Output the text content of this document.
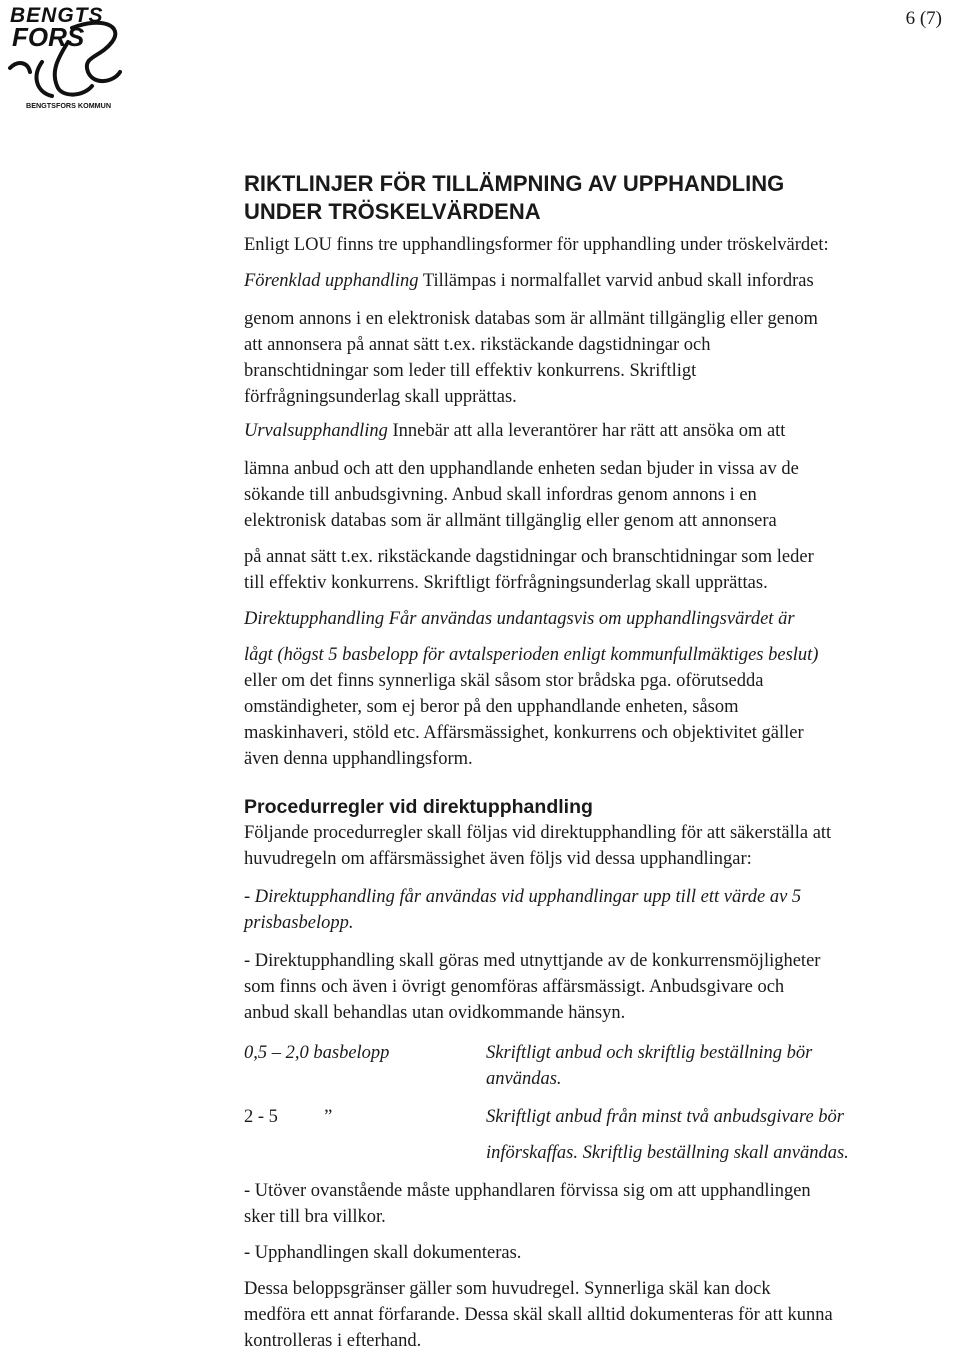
BENGTS
FORS
BENGTSFORS KOMMUN
6 (7)
RIKTLINJER FÖR TILLÄMPNING AV UPPHANDLING
UNDER TRÖSKELVÄRDENA

Enligt LOU finns tre upphandlingsformer för upphandling under tröskelvärdet:

Förenklad upphandling Tillämpas i normalfallet varvid anbud skall infordras

genom annons i en elektronisk databas som är allmänt tillgänglig eller genom

att annonsera på annat sätt t.ex. rikstäckande dagstidningar och

branschtidningar som leder till effektiv konkurrens. Skriftligt

förfrågningsunderlag skall upprättas.

Urvalsupphandling Innebär att alla leverantörer har rätt att ansöka om att

lämna anbud och att den upphandlande enheten sedan bjuder in vissa av de

sökande till anbudsgivning. Anbud skall infordras genom annons i en

elektronisk databas som är allmänt tillgänglig eller genom att annonsera

på annat sätt t.ex. rikstäckande dagstidningar och branschtidningar som leder

till effektiv konkurrens. Skriftligt förfrågningsunderlag skall upprättas.

Direktupphandling Får användas undantagsvis om upphandlingsvärdet är

lågt (högst 5 basbelopp för avtalsperioden enligt kommunfullmäktiges beslut)

eller om det finns synnerliga skäl såsom stor brådska pga. oförutsedda

omständigheter, som ej beror på den upphandlande enheten, såsom

maskinhaveri, stöld etc. Affärsmässighet, konkurrens och objektivitet gäller

även denna upphandlingsform.

Procedurregler vid direktupphandling

Följande procedurregler skall följas vid direktupphandling för att säkerställa att

huvudregeln om affärsmässighet även följs vid dessa upphandlingar:

- Direktupphandling får användas vid upphandlingar upp till ett värde av 5

prisbasbelopp.

- Direktupphandling skall göras med utnyttjande av de konkurrensmöjligheter

som finns och även i övrigt genomföras affärsmässigt. Anbudsgivare och

anbud skall behandlas utan ovidkommande hänsyn.

0,5 – 2,0 basbelopp	Skriftligt anbud och skriftlig beställning bör
användas.
2 - 5          ”	Skriftligt anbud från minst två anbudsgivare bör
införskaffas. Skriftlig beställning skall användas.

- Utöver ovanstående måste upphandlaren förvissa sig om att upphandlingen

sker till bra villkor.

- Upphandlingen skall dokumenteras.

Dessa beloppsgränser gäller som huvudregel. Synnerliga skäl kan dock

medföra ett annat förfarande. Dessa skäl skall alltid dokumenteras för att kunna

kontrolleras i efterhand.
